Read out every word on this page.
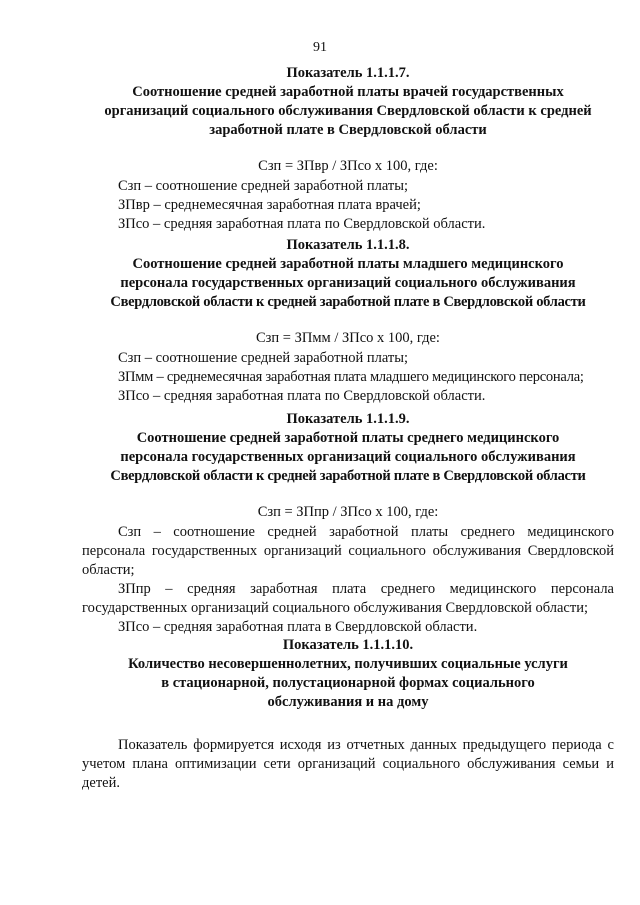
91
Показатель 1.1.1.7.
Соотношение средней заработной платы врачей государственных
организаций социального обслуживания Свердловской области к средней
заработной плате в Свердловской области
Сзп = ЗПвр / ЗПсо х 100, где:
Сзп – соотношение средней заработной платы;
ЗПвр – среднемесячная заработная плата врачей;
ЗПсо – средняя заработная плата по Свердловской области.
Показатель 1.1.1.8.
Соотношение средней заработной платы младшего медицинского
персонала государственных организаций социального обслуживания
Свердловской области к средней заработной плате в Свердловской области
Сзп = ЗПмм / ЗПсо х 100, где:
Сзп – соотношение средней заработной платы;
ЗПмм – среднемесячная заработная плата младшего медицинского персонала;
ЗПсо – средняя заработная плата по Свердловской области.
Показатель 1.1.1.9.
Соотношение средней заработной платы среднего медицинского
персонала государственных организаций социального обслуживания
Свердловской области к средней заработной плате в Свердловской области
Сзп = ЗПпр / ЗПсо х 100, где:

Сзп – соотношение средней заработной платы среднего медицинского персонала государственных организаций социального обслуживания Свердловской области;

ЗПпр – средняя заработная плата среднего медицинского персонала государственных организаций социального обслуживания Свердловской области;

ЗПсо – средняя заработная плата в Свердловской области.

Показатель 1.1.1.10.
Количество несовершеннолетних, получивших социальные услуги
в стационарной, полустационарной формах социального
обслуживания и на дому

Показатель формируется исходя из отчетных данных предыдущего периода с учетом плана оптимизации сети организаций социального обслуживания семьи и детей.
